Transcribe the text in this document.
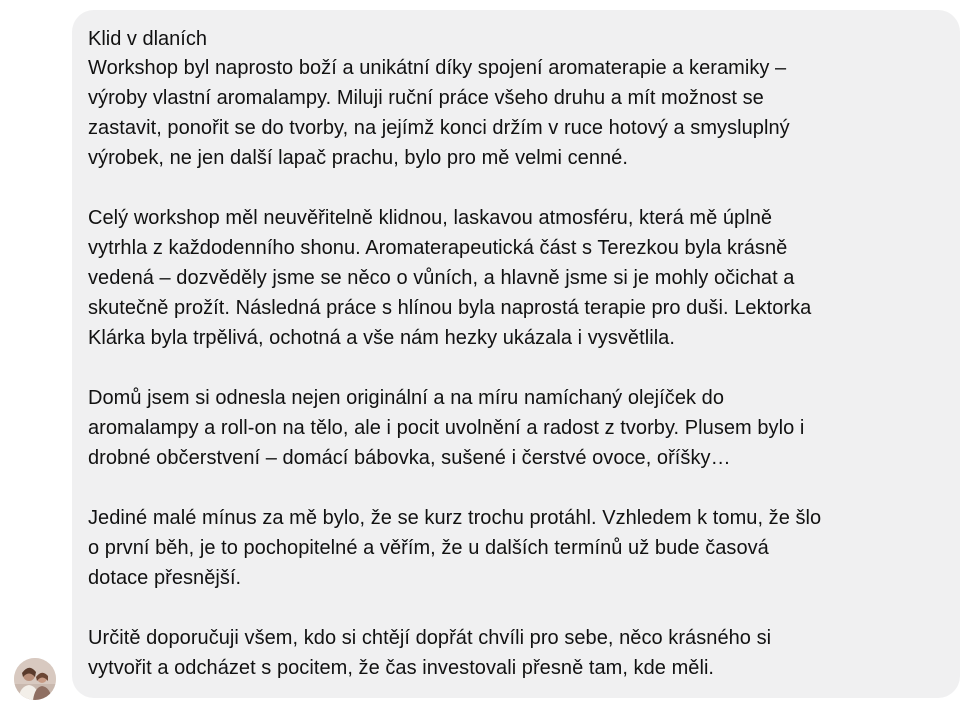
Klid v dlaních
Workshop byl naprosto boží a unikátní díky spojení aromaterapie a keramiky –
výroby vlastní aromalampy. Miluji ruční práce všeho druhu a mít možnost se
zastavit, ponořit se do tvorby, na jejímž konci držím v ruce hotový a smysluplný
výrobek, ne jen další lapač prachu, bylo pro mě velmi cenné.
Celý workshop měl neuvěřitelně klidnou, laskavou atmosféru, která mě úplně
vytrhla z každodenního shonu. Aromaterapeutická část s Terezkou byla krásně
vedená – dozvěděly jsme se něco o vůních, a hlavně jsme si je mohly očichat a
skutečně prožít. Následná práce s hlínou byla naprostá terapie pro duši. Lektorka
Klárka byla trpělivá, ochotná a vše nám hezky ukázala i vysvětlila.
Domů jsem si odnesla nejen originální a na míru namíchaný olejíček do
aromalampy a roll-on na tělo, ale i pocit uvolnění a radost z tvorby. Plusem bylo i
drobné občerstvení – domácí bábovka, sušené i čerstvé ovoce, oříšky…
Jediné malé mínus za mě bylo, že se kurz trochu protáhl. Vzhledem k tomu, že šlo
o první běh, je to pochopitelné a věřím, že u dalších termínů už bude časová
dotace přesnější.
Určitě doporučuji všem, kdo si chtějí dopřát chvíli pro sebe, něco krásného si
vytvořit a odcházet s pocitem, že čas investovali přesně tam, kde měli.
